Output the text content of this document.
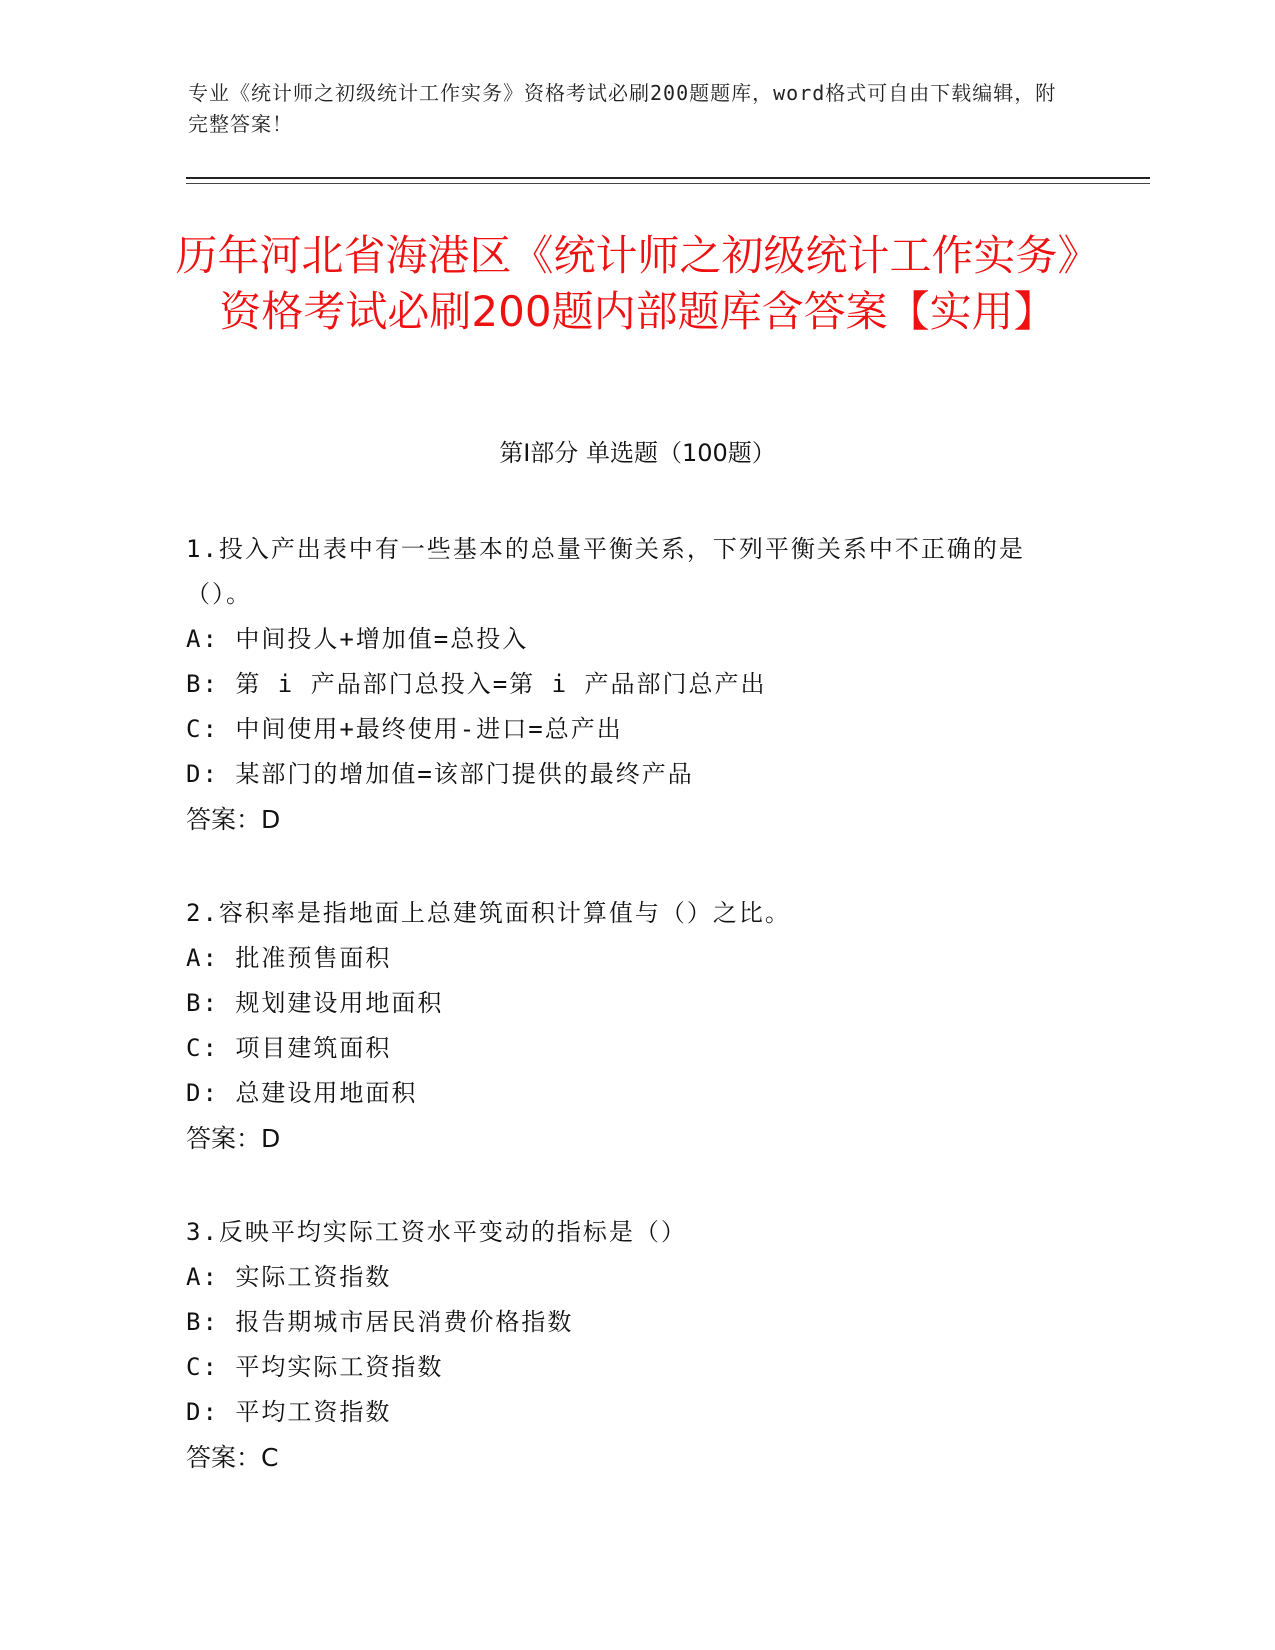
专业《统计师之初级统计工作实务》资格考试必刷200题题库，word格式可自由下载编辑，附完整答案！
历年河北省海港区《统计师之初级统计工作实务》资格考试必刷200题内部题库含答案【实用】
第Ⅰ部分 单选题（100题）
1.投入产出表中有一些基本的总量平衡关系，下列平衡关系中不正确的是（）。
A: 中间投人+增加值=总投入
B: 第 i 产品部门总投入=第 i 产品部门总产出
C: 中间使用+最终使用-进口=总产出
D: 某部门的增加值=该部门提供的最终产品
答案：D
2.容积率是指地面上总建筑面积计算值与（）之比。
A: 批准预售面积
B: 规划建设用地面积
C: 项目建筑面积
D: 总建设用地面积
答案：D
3.反映平均实际工资水平变动的指标是（）
A: 实际工资指数
B: 报告期城市居民消费价格指数
C: 平均实际工资指数
D: 平均工资指数
答案：C
